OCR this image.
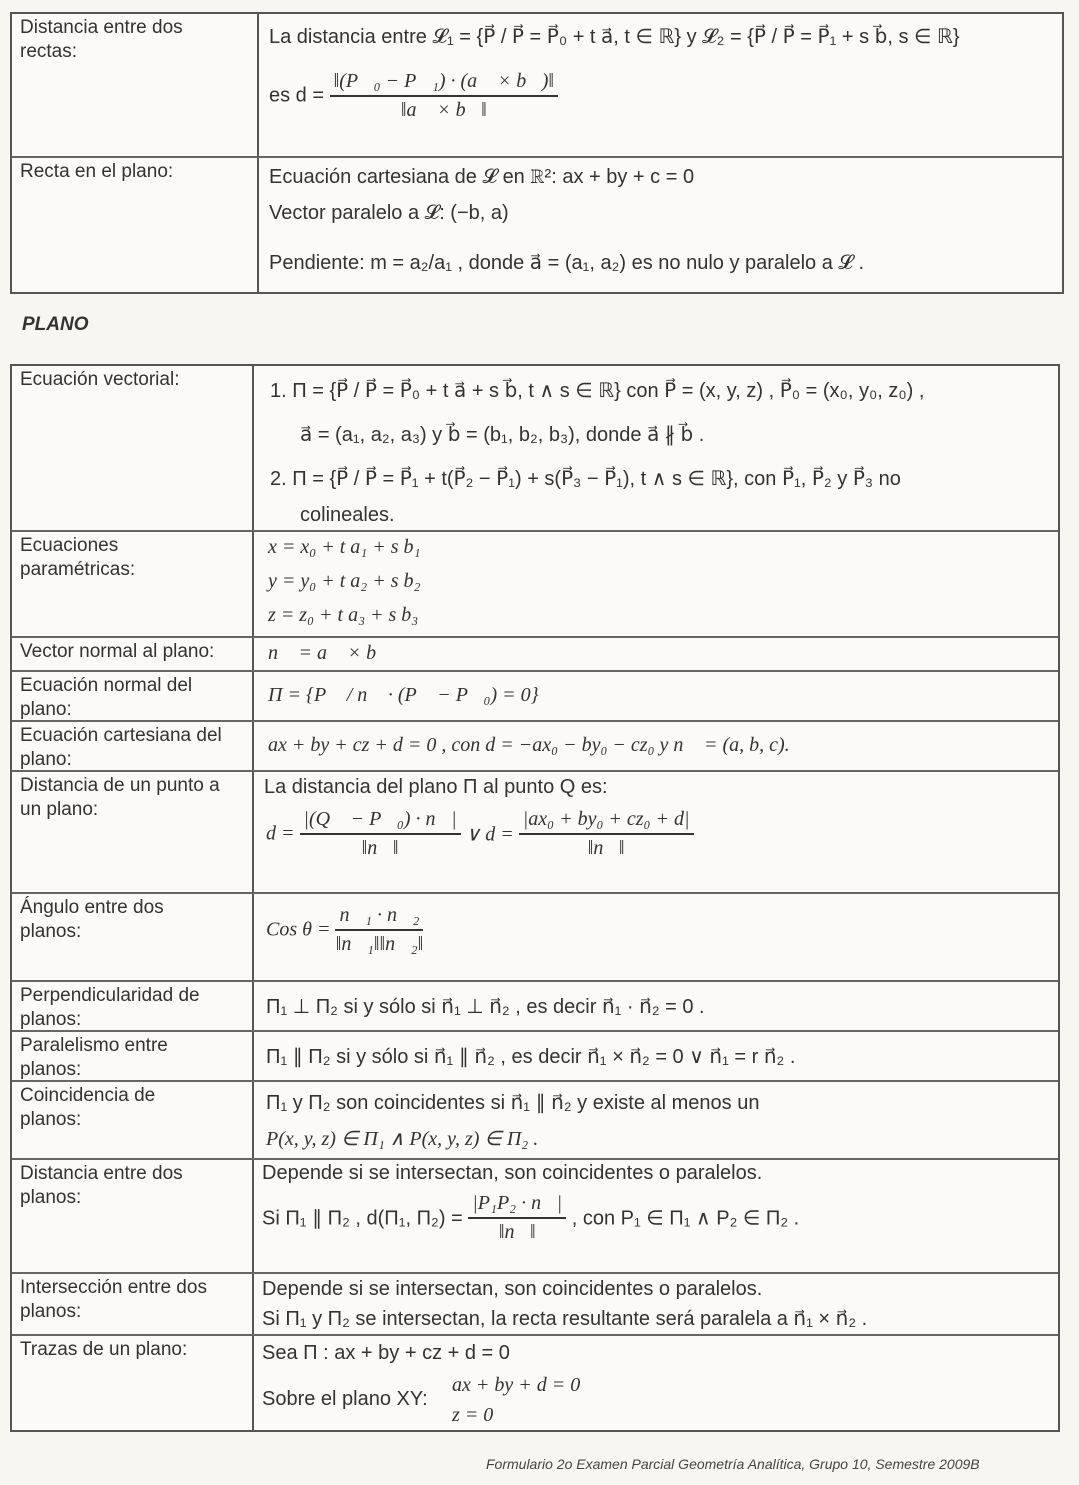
Distancia entre dos rectas:
La distancia entre 𝓛₁ = {P⃗ / P⃗ = P⃗₀ + t a⃗, t ∈ ℝ} y 𝓛₂ = {P⃗ / P⃗ = P⃗₁ + s b⃗, s ∈ ℝ}
es $d = \frac{\text{‖(P⃗₀ − P⃗₁) · (a⃗ × b⃗)‖}}{‖a⃗ \times b⃗‖}$
Recta en el plano:	Ecuación cartesiana de 𝓛 en ℝ²: ax + by + c = 0
Vector paralelo a 𝓛: (−b, a)
Pendiente: m = a₂/a₁ , donde a⃗ = (a₁, a₂) es no nulo y paralelo a 𝓛 .
PLANO
Ecuación vectorial:
1. Π = {P⃗ / P⃗ = P⃗₀ + t a⃗ + s b⃗, t ∧ s ∈ ℝ} con P⃗ = (x, y, z) , P⃗₀ = (x₀, y₀, z₀) ,
a⃗ = (a₁, a₂, a₃) y b⃗ = (b₁, b₂, b₃), donde a⃗ ∦ b⃗ .
2. Π = {P⃗ / P⃗ = P⃗₁ + t(P⃗₂ − P⃗₁) + s(P⃗₃ − P⃗₁), t ∧ s ∈ ℝ}, con P⃗₁, P⃗₂ y P⃗₃ no
colineales.
Ecuaciones paramétricas:
x = x₀ + t a₁ + s b₁
y = y₀ + t a₂ + s b₂
z = z₀ + t a₃ + s b₃
Vector normal al plano:	n⃗ = a⃗ × b⃗
Ecuación normal del plano:
Π = {P⃗ / n⃗ · (P⃗ − P⃗₀) = 0}
Ecuación cartesiana del plano:
ax + by + cz + d = 0 , con d = −ax₀ − by₀ − cz₀ y n⃗ = (a, b, c).
Distancia de un punto a un plano:
La distancia del plano Π al punto Q es:
$d = \frac{\text{|(Q⃗ − P⃗₀) · n⃗|}}{‖n⃗‖}$ ∨ $d = \frac{\text{|ax₀ + by₀ + cz₀ + d|}}{‖n⃗‖}$
Ángulo entre dos planos:	Cos $\theta = \frac{\text{n⃗₁ · n⃗₂}}{\text{‖n⃗₁‖‖n⃗₂‖}}$
Perpendicularidad de planos:
Π₁ ⊥ Π₂ si y sólo si n⃗₁ ⊥ n⃗₂ , es decir n⃗₁ · n⃗₂ = 0 .
Paralelismo entre planos:
Π₁ ∥ Π₂ si y sólo si n⃗₁ ∥ n⃗₂ , es decir n⃗₁ × n⃗₂ = 0 ∨ n⃗₁ = r n⃗₂ .
Coincidencia de planos:
Π₁ y Π₂ son coincidentes si n⃗₁ ∥ n⃗₂ y existe al menos un
P(x, y, z) ∈ Π₁ ∧ P(x, y, z) ∈ Π₂ .
Distancia entre dos planos:
Depende si se intersectan, son coincidentes o paralelos.
Si Π₁ ∥ Π₂ , d(Π₁, $\Pi_2) = \frac{\text{|P₁P₂ · n⃗|}}{‖n⃗‖}$ , con P₁ ∈ Π₁ ∧ P₂ ∈ Π₂ .
Intersección entre dos planos:
Depende si se intersectan, son coincidentes o paralelos.
Si Π₁ y Π₂ se intersectan, la recta resultante será paralela a n⃗₁ × n⃗₂ .
Trazas de un plano:	Sea Π : ax + by + cz + d = 0
Sobre el plano XY:
ax + by + d = 0
z = 0
Formulario 2o Examen Parcial Geometría Analítica, Grupo 10, Semestre 2009B
